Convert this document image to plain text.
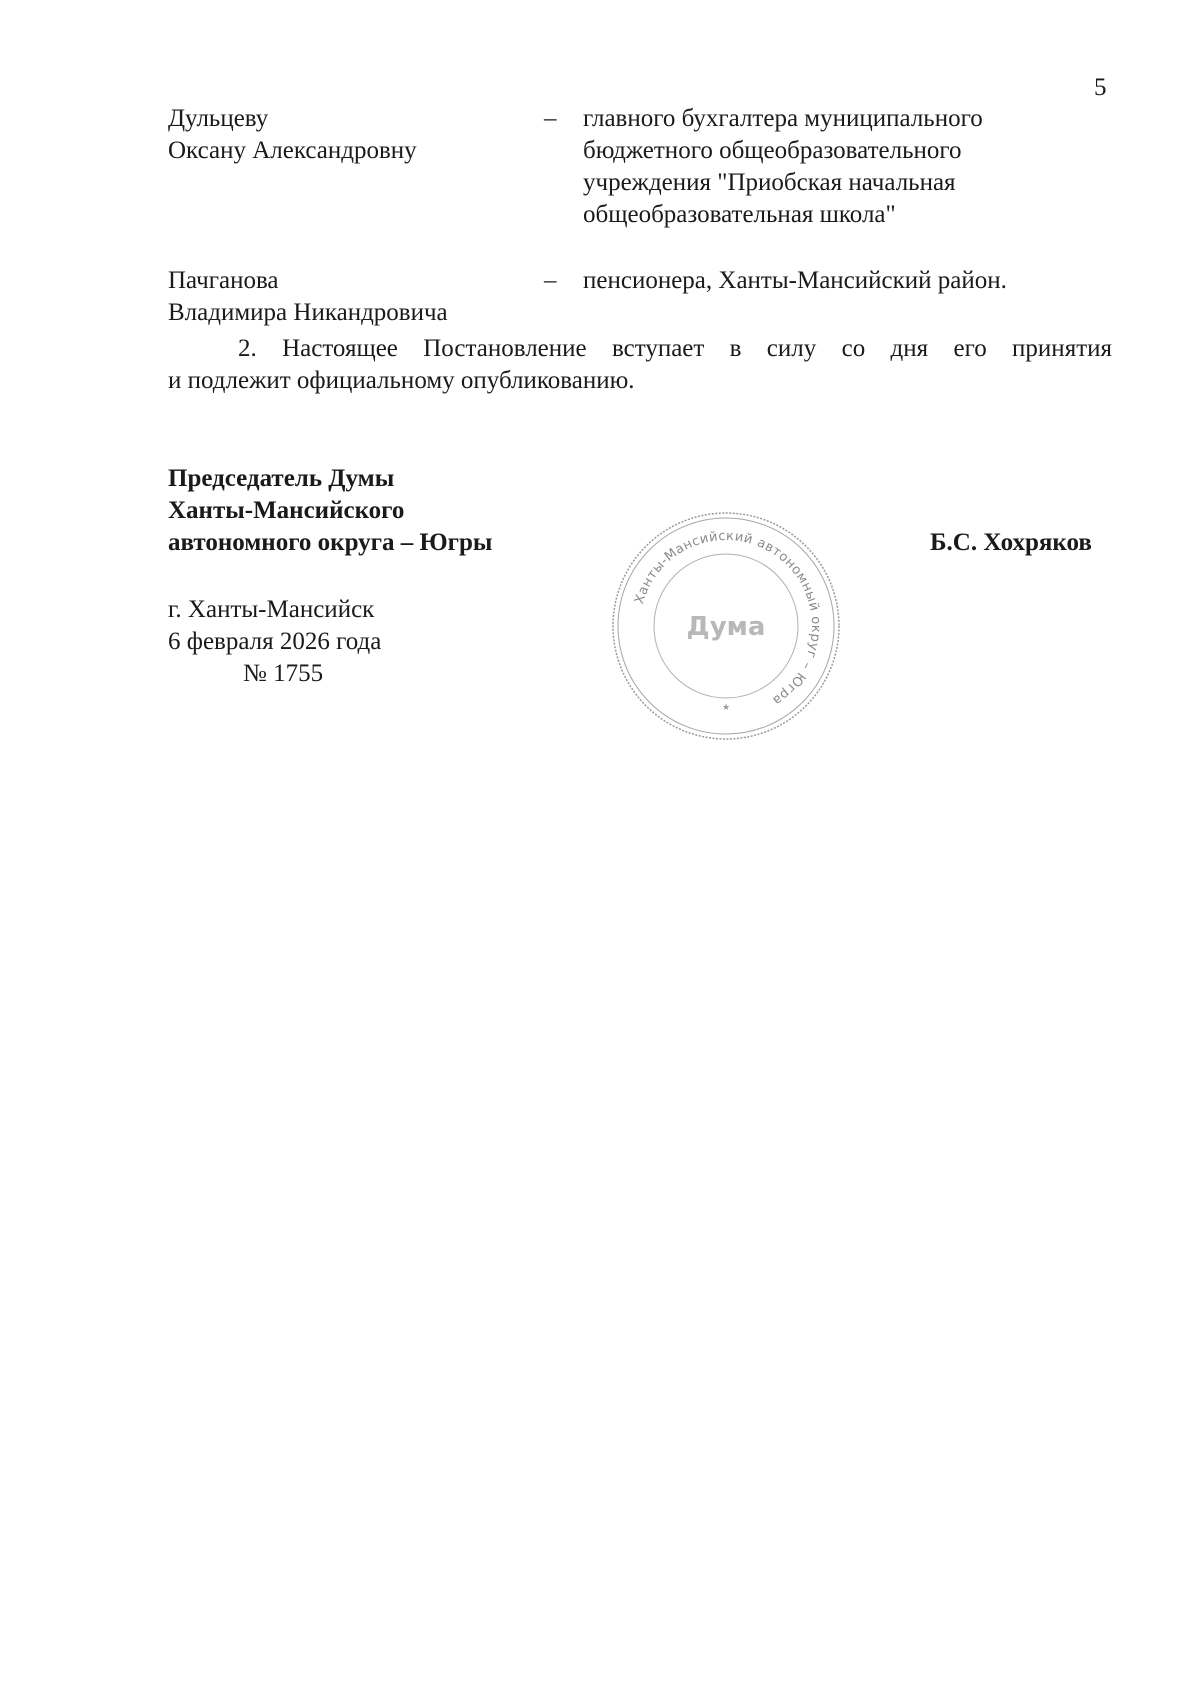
5
Дульцеву
Оксану Александровну
– главного бухгалтера муниципального
бюджетного общеобразовательного
учреждения "Приобская начальная
общеобразовательная школа"
Пачганова
Владимира Никандровича
– пенсионера, Ханты-Мансийский район.
2. Настоящее Постановление вступает в силу со дня его принятия
и подлежит официальному опубликованию.
Председатель Думы
Ханты-Мансийского
автономного округа – Югры	Б.С. Хохряков
г. Ханты-Мансийск
6 февраля 2026 года
№ 1755
Ханты-Мансийский автономный округ – Югра
Дума
★
